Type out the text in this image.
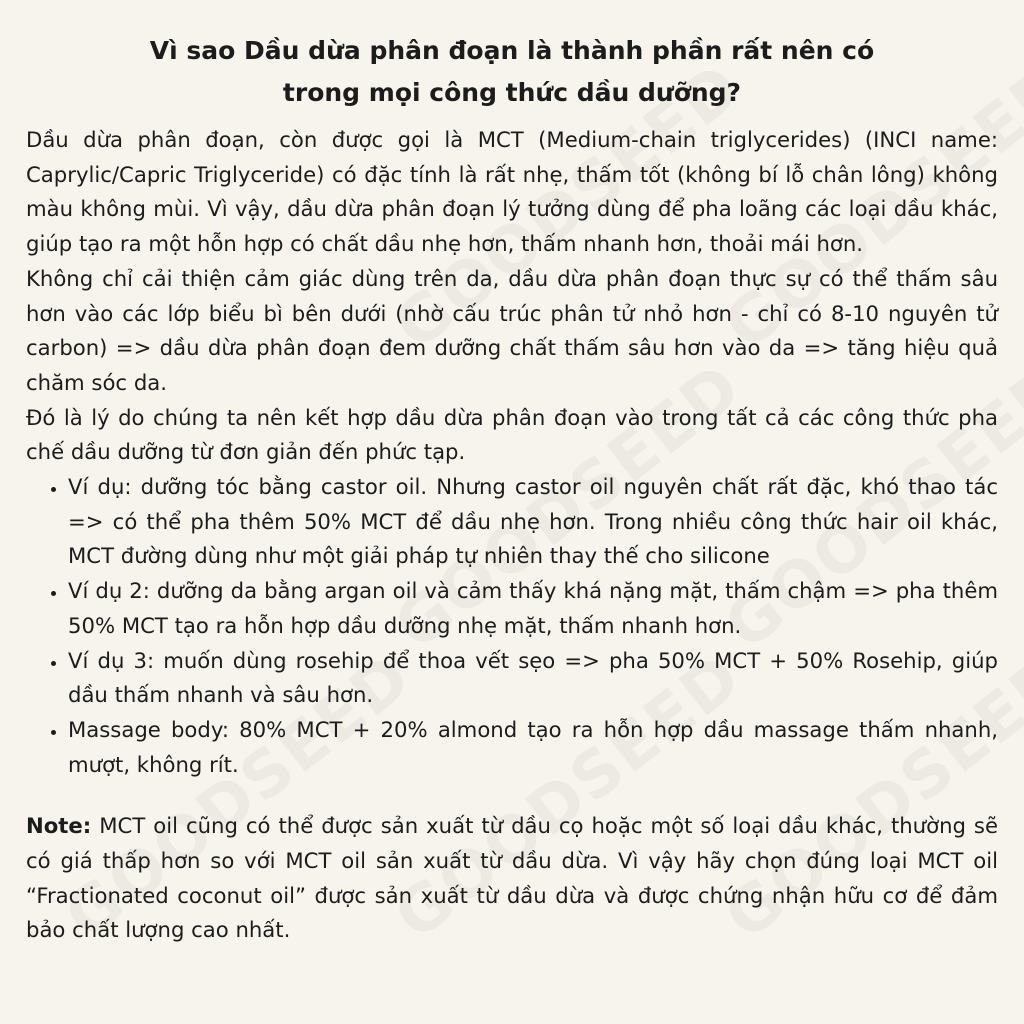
Vì sao Dầu dừa phân đoạn là thành phần rất nên có
trong mọi công thức dầu dưỡng?

Dầu dừa phân đoạn, còn được gọi là MCT (Medium-chain triglycerides) (INCI name: Caprylic/Capric Triglyceride) có đặc tính là rất nhẹ, thấm tốt (không bí lỗ chân lông) không màu không mùi. Vì vậy, dầu dừa phân đoạn lý tưởng dùng để pha loãng các loại dầu khác, giúp tạo ra một hỗn hợp có chất dầu nhẹ hơn, thấm nhanh hơn, thoải mái hơn.

Không chỉ cải thiện cảm giác dùng trên da, dầu dừa phân đoạn thực sự có thể thấm sâu hơn vào các lớp biểu bì bên dưới (nhờ cấu trúc phân tử nhỏ hơn - chỉ có 8-10 nguyên tử carbon) => dầu dừa phân đoạn đem dưỡng chất thấm sâu hơn vào da => tăng hiệu quả chăm sóc da.

Đó là lý do chúng ta nên kết hợp dầu dừa phân đoạn vào trong tất cả các công thức pha chế dầu dưỡng từ đơn giản đến phức tạp.

• Ví dụ: dưỡng tóc bằng castor oil. Nhưng castor oil nguyên chất rất đặc, khó thao tác => có thể pha thêm 50% MCT để dầu nhẹ hơn. Trong nhiều công thức hair oil khác, MCT đường dùng như một giải pháp tự nhiên thay thế cho silicone
• Ví dụ 2: dưỡng da bằng argan oil và cảm thấy khá nặng mặt, thấm chậm => pha thêm 50% MCT tạo ra hỗn hợp dầu dưỡng nhẹ mặt, thấm nhanh hơn.
• Ví dụ 3: muốn dùng rosehip để thoa vết sẹo => pha 50% MCT + 50% Rosehip, giúp dầu thấm nhanh và sâu hơn.
• Massage body: 80% MCT + 20% almond tạo ra hỗn hợp dầu massage thấm nhanh, mượt, không rít.

Note: MCT oil cũng có thể được sản xuất từ dầu cọ hoặc một số loại dầu khác, thường sẽ có giá thấp hơn so với MCT oil sản xuất từ dầu dừa. Vì vậy hãy chọn đúng loại MCT oil “Fractionated coconut oil” được sản xuất từ dầu dừa và được chứng nhận hữu cơ để đảm bảo chất lượng cao nhất.
